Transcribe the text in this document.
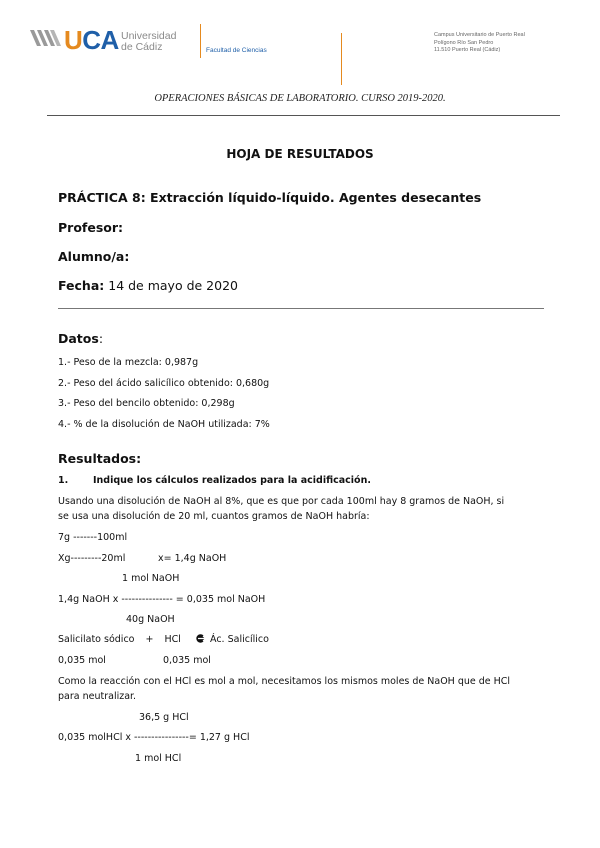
UCA Universidad
de Cádiz	Facultad de Ciencias
Campus Universitario de Puerto Real
Polígono Río San Pedro
11.510 Puerto Real (Cádiz)
OPERACIONES BÁSICAS DE LABORATORIO. CURSO 2019-2020.
HOJA DE RESULTADOS
PRÁCTICA 8: Extracción líquido-líquido. Agentes desecantes
Profesor:
Alumno/a:
Fecha: 14 de mayo de 2020
Datos:
1.- Peso de la mezcla: 0,987g
2.- Peso del ácido salicílico obtenido: 0,680g
3.- Peso del bencilo obtenido: 0,298g
4.- % de la disolución de NaOH utilizada: 7%
Resultados:
1.	Indique los cálculos realizados para la acidificación.
Usando una disolución de NaOH al 8%, que es que por cada 100ml hay 8 gramos de NaOH, si
se usa una disolución de 20 ml, cuantos gramos de NaOH habría:
7g -------100ml
Xg---------20ml	x= 1,4g NaOH
1 mol NaOH
1,4g NaOH x --------------- = 0,035 mol NaOH
40g NaOH
Salicilato sódico + HCl	Ác. Salicílico
0,035 mol	0,035 mol
Como la reacción con el HCl es mol a mol, necesitamos los mismos moles de NaOH que de HCl
para neutralizar.
36,5 g HCl
0,035 molHCl x ----------------= 1,27 g HCl
1 mol HCl
